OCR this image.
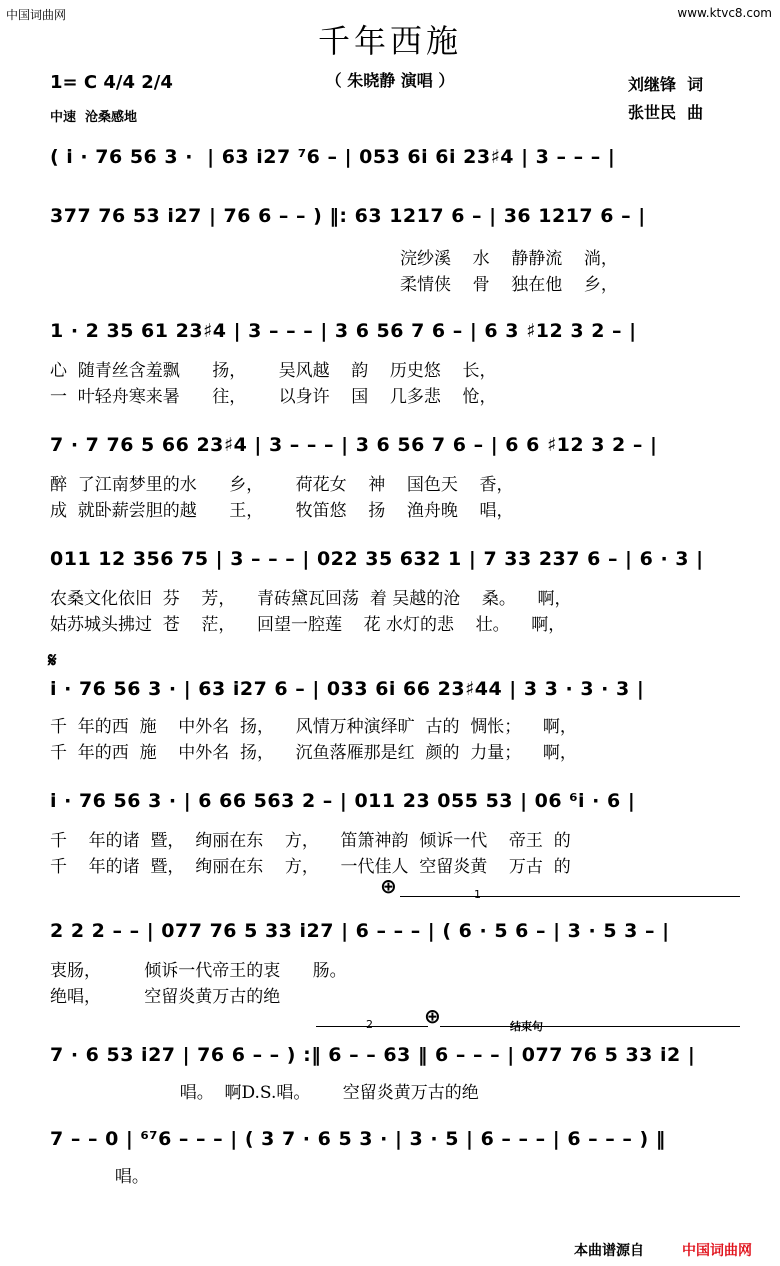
中国词曲网	www.ktvc8.com
千年西施
（ 朱晓静 演唱 ）
1= C 4/4 2/4
中速  沧桑感地
刘继锋  词
张世民  曲
( i · 76 56 3 ·  | 63 i27 ⁷6 – | 053 6i 6i 23♯4 | 3 – – – |
377 76 53 i27 | 76 6 – – ) ‖: 63 1217 6 – | 36 1217 6 – |
浣纱溪    水    静静流    淌，
柔情侠    骨    独在他    乡，
1 · 2 35 61 23♯4 | 3 – – – | 3 6 56 7 6 – | 6 3 ♯12 3 2 – |
心  随青丝含羞飘      扬，      吴风越    韵    历史悠    长，
一  叶轻舟寒来暑      往，      以身许    国    几多悲    怆，
7 · 7 76 5 66 23♯4 | 3 – – – | 3 6 56 7 6 – | 6 6 ♯12 3 2 – |
醉  了江南梦里的水      乡，      荷花女    神    国色天    香，
成  就卧薪尝胆的越      王，      牧笛悠    扬    渔舟晚    唱，
011 12 356 75 | 3 – – – | 022 35 632 1 | 7 33 237 6 – | 6 · 3 |
农桑文化依旧  芬    芳，    青砖黛瓦回荡  着 吴越的沧    桑。    啊，
姑苏城头拂过  苍    茫，    回望一腔莲    花 水灯的悲    壮。    啊，
𝄋
i · 76 56 3 · | 63 i27 6 – | 033 6i 66 23♯44 | 3 3 · 3 · 3 |
千  年的西  施    中外名  扬，    风情万种演绎旷  古的  惆怅；    啊，
千  年的西  施    中外名  扬，    沉鱼落雁那是红  颜的  力量；    啊，
i · 76 56 3 · | 6 66 563 2 – | 011 23 055 53 | 06 ⁶i · 6 |
千    年的诸  暨，  绚丽在东    方，    笛箫神韵  倾诉一代    帝王  的
千    年的诸  暨，  绚丽在东    方，    一代佳人  空留炎黄    万古  的
⊕	1
2 2 2 – – | 077 76 5 33 i27 | 6 – – – | ( 6 · 5 6 – | 3 · 5 3 – |
衷肠，        倾诉一代帝王的衷      肠。
绝唱，        空留炎黄万古的绝
⊕
2	结束句
7 · 6 53 i27 | 76 6 – – ) :‖ 6 – – 63 ‖ 6 – – – | 077 76 5 33 i2 |
唱。  啊D.S.唱。      空留炎黄万古的绝
7 – – 0 | ⁶⁷6 – – – | ( 3 7 · 6 5 3 · | 3 · 5 | 6 – – – | 6 – – – ) ‖
唱。
本曲谱源自	中国词曲网
